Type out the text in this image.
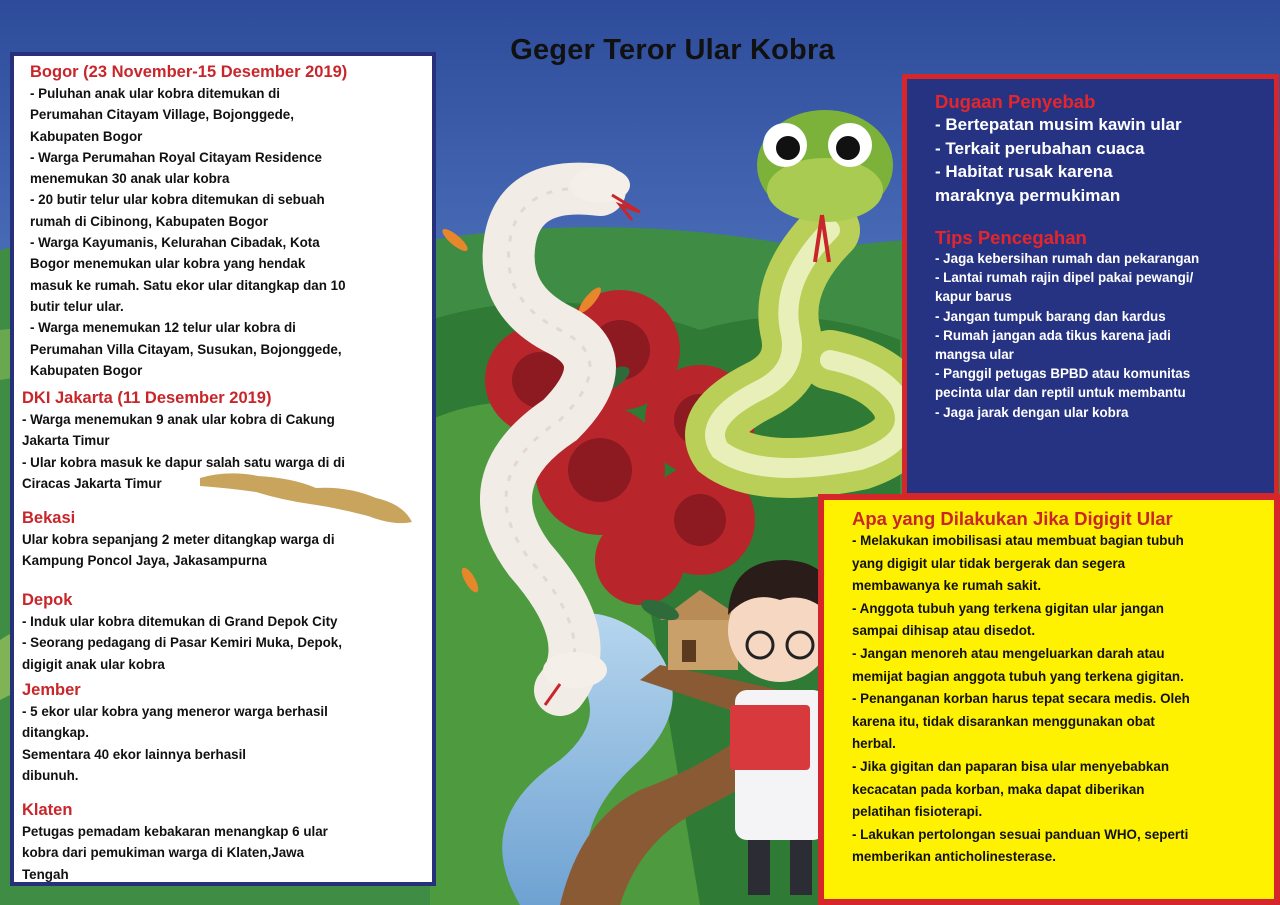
Geger Teror Ular Kobra
Bogor (23 November-15 Desember 2019)
- Puluhan anak ular kobra ditemukan di
Perumahan Citayam Village, Bojonggede,
Kabupaten Bogor
- Warga Perumahan Royal Citayam Residence
menemukan 30 anak ular kobra
- 20 butir telur ular kobra ditemukan di sebuah
rumah di Cibinong, Kabupaten Bogor
- Warga Kayumanis, Kelurahan Cibadak, Kota
Bogor menemukan ular kobra yang hendak
masuk ke rumah. Satu ekor ular ditangkap dan 10
butir telur ular.
- Warga menemukan 12 telur ular kobra di
Perumahan Villa Citayam, Susukan, Bojonggede,
Kabupaten Bogor
DKI Jakarta (11 Desember 2019)
- Warga menemukan 9 anak ular kobra di Cakung
Jakarta Timur
- Ular kobra masuk ke dapur salah satu warga di di
Ciracas Jakarta Timur
Bekasi
Ular kobra sepanjang 2 meter ditangkap warga di
Kampung Poncol Jaya, Jakasampurna
Depok
- Induk ular kobra ditemukan di Grand Depok City
- Seorang pedagang di Pasar Kemiri Muka, Depok,
digigit anak ular kobra
Jember
- 5 ekor ular kobra yang meneror warga berhasil
ditangkap.
Sementara 40 ekor lainnya berhasil
dibunuh.
Klaten
Petugas pemadam kebakaran menangkap 6 ular
kobra dari pemukiman warga di Klaten,Jawa
Tengah
Dugaan Penyebab
- Bertepatan musim kawin ular
- Terkait perubahan cuaca
- Habitat rusak karena
maraknya permukiman
Tips Pencegahan
- Jaga kebersihan rumah dan pekarangan
- Lantai rumah rajin dipel pakai pewangi/
kapur barus
- Jangan tumpuk barang dan kardus
- Rumah jangan ada tikus karena jadi
mangsa ular
- Panggil petugas BPBD atau komunitas
pecinta ular dan reptil untuk membantu
- Jaga jarak dengan ular kobra
Apa yang Dilakukan Jika Digigit Ular
- Melakukan imobilisasi atau membuat bagian tubuh
yang digigit ular tidak bergerak dan segera
membawanya ke rumah sakit.
- Anggota tubuh yang terkena gigitan ular jangan
sampai dihisap atau disedot.
- Jangan menoreh atau mengeluarkan darah atau
memijat bagian anggota tubuh yang terkena gigitan.
- Penanganan korban harus tepat secara medis. Oleh
karena itu, tidak disarankan menggunakan obat
herbal.
- Jika gigitan dan paparan bisa ular menyebabkan
kecacatan pada korban, maka dapat diberikan
pelatihan fisioterapi.
- Lakukan pertolongan sesuai panduan WHO, seperti
memberikan anticholinesterase.
